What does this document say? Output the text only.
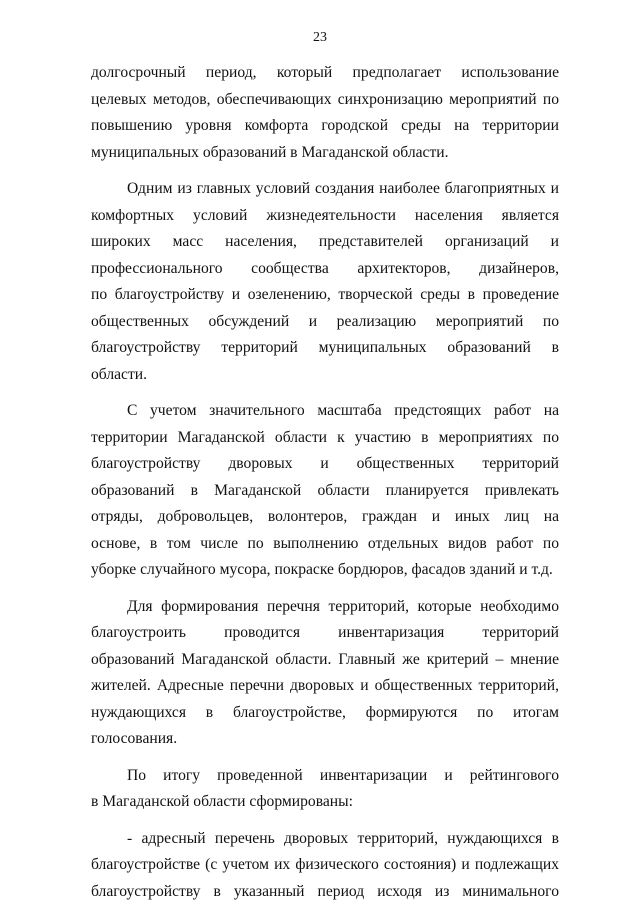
23
долгосрочный период, который предполагает использование
целевых методов, обеспечивающих синхронизацию мероприятий по
повышению уровня комфорта городской среды на территории
муниципальных образований в Магаданской области.
Одним из главных условий создания наиболее благоприятных и
комфортных условий жизнедеятельности населения является
широких масс населения, представителей организаций и
профессионального сообщества архитекторов, дизайнеров,
по благоустройству и озеленению, творческой среды в проведение
общественных обсуждений и реализацию мероприятий по
благоустройству территорий муниципальных образований в
области.
С учетом значительного масштаба предстоящих работ на
территории Магаданской области к участию в мероприятиях по
благоустройству дворовых и общественных территорий
образований в Магаданской области планируется привлекать
отряды, добровольцев, волонтеров, граждан и иных лиц на
основе, в том числе по выполнению отдельных видов работ по
уборке случайного мусора, покраске бордюров, фасадов зданий и т.д.
Для формирования перечня территорий, которые необходимо
благоустроить проводится инвентаризация территорий
образований Магаданской области. Главный же критерий – мнение
жителей. Адресные перечни дворовых и общественных территорий,
нуждающихся в благоустройстве, формируются по итогам
голосования.
По итогу проведенной инвентаризации и рейтингового
в Магаданской области сформированы:
- адресный перечень дворовых территорий, нуждающихся в
благоустройстве (с учетом их физического состояния) и подлежащих
благоустройству в указанный период исходя из минимального
